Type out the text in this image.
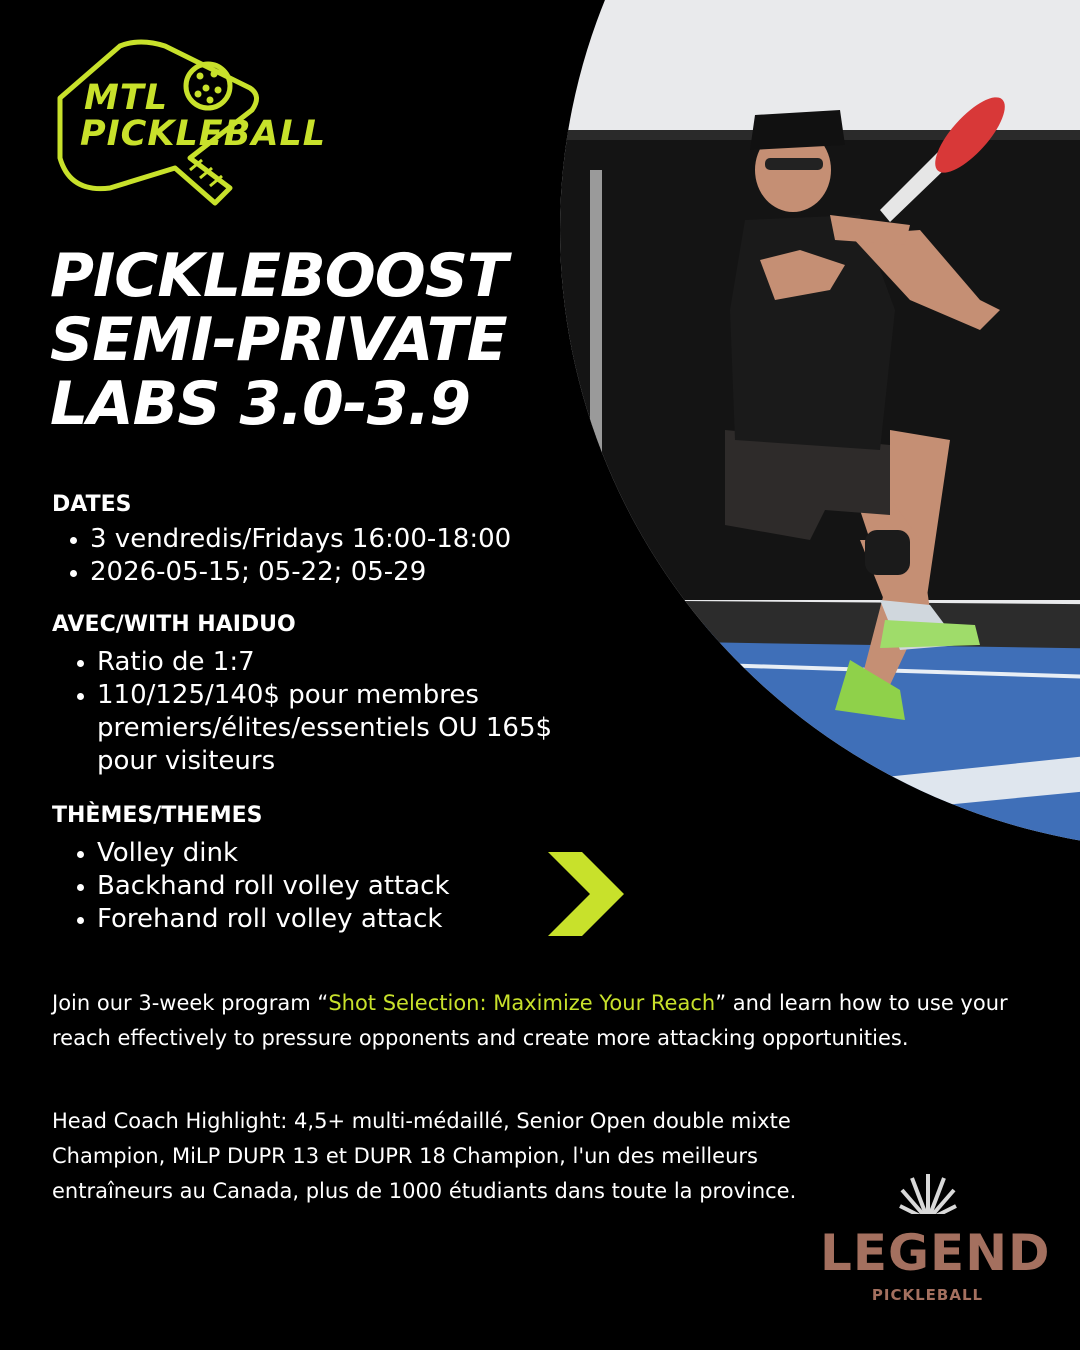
MTL
PICKLEBALL
PICKLEBOOST
SEMI-PRIVATE
LABS 3.0-3.9
DATES
3 vendredis/Fridays 16:00-18:00
2026-05-15; 05-22; 05-29
AVEC/WITH HAIDUO
Ratio de 1:7
110/125/140$ pour membres premiers/élites/essentiels OU 165$ pour visiteurs
THÈMES/THEMES
Volley dink
Backhand roll volley attack
Forehand roll volley attack

Join our 3-week program “Shot Selection: Maximize Your Reach” and learn how to use your reach effectively to pressure opponents and create more attacking opportunities.

Head Coach Highlight: 4,5+ multi-médaillé, Senior Open double mixte Champion, MiLP DUPR 13 et DUPR 18 Champion, l'un des meilleurs entraîneurs au Canada, plus de 1000 étudiants dans toute la province.

LEGEND
PICKLEBALL
